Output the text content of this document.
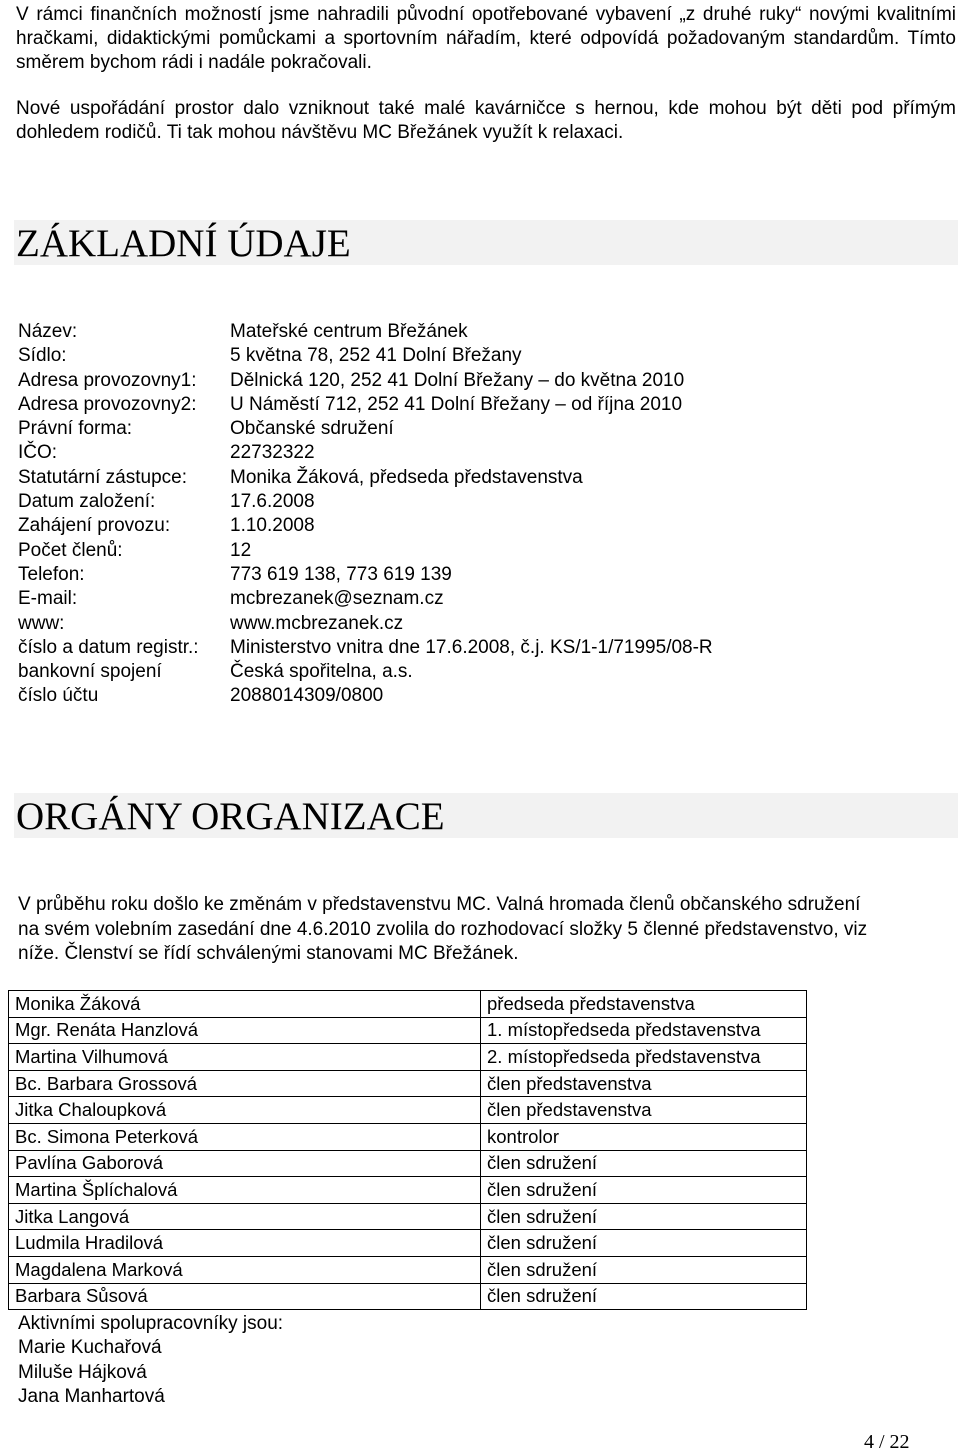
V rámci finančních možností jsme nahradili původní opotřebované vybavení „z druhé ruky“ novými kvalitními hračkami, didaktickými pomůckami a sportovním nářadím, které odpovídá požadovaným standardům. Tímto směrem bychom rádi i nadále pokračovali.
Nové uspořádání prostor dalo vzniknout také malé kavárničce s hernou, kde mohou být děti pod přímým dohledem rodičů. Ti tak mohou návštěvu MC Břežánek využít k relaxaci.
ZÁKLADNÍ ÚDAJE
Název:	Mateřské centrum Břežánek
Sídlo:	5 května 78, 252 41 Dolní Břežany
Adresa provozovny1: Dělnická 120, 252 41 Dolní Břežany – do května 2010
Adresa provozovny2: U Náměstí 712, 252 41 Dolní Břežany – od října 2010
Právní forma:	Občanské sdružení
IČO:	22732322
Statutární zástupce: Monika Žáková, předseda představenstva
Datum založení:	17.6.2008
Zahájení provozu:	1.10.2008
Počet členů:	12
Telefon:	773 619 138, 773 619 139
E-mail:	mcbrezanek@seznam.cz
www:	www.mcbrezanek.cz
číslo a datum registr.: Ministerstvo vnitra dne 17.6.2008, č.j. KS/1-1/71995/08-R
bankovní spojení	Česká spořitelna, a.s.
číslo účtu	2088014309/0800
ORGÁNY ORGANIZACE
V průběhu roku došlo ke změnám v představenstvu MC. Valná hromada členů občanského sdružení na svém volebním zasedání dne 4.6.2010 zvolila do rozhodovací složky 5 členné představenstvo, viz níže. Členství se řídí schválenými stanovami MC Břežánek.
Monika Žáková	předseda představenstva
Mgr. Renáta Hanzlová	1. místopředseda představenstva
Martina Vilhumová	2. místopředseda představenstva
Bc. Barbara Grossová	člen představenstva
Jitka Chaloupková	člen představenstva
Bc. Simona Peterková	kontrolor
Pavlína Gaborová	člen sdružení
Martina Šplíchalová	člen sdružení
Jitka Langová	člen sdružení
Ludmila Hradilová	člen sdružení
Magdalena Marková	člen sdružení
Barbara Sůsová	člen sdružení
Aktivními spolupracovníky jsou:
Marie Kuchařová
Miluše Hájková
Jana Manhartová
4 / 22
